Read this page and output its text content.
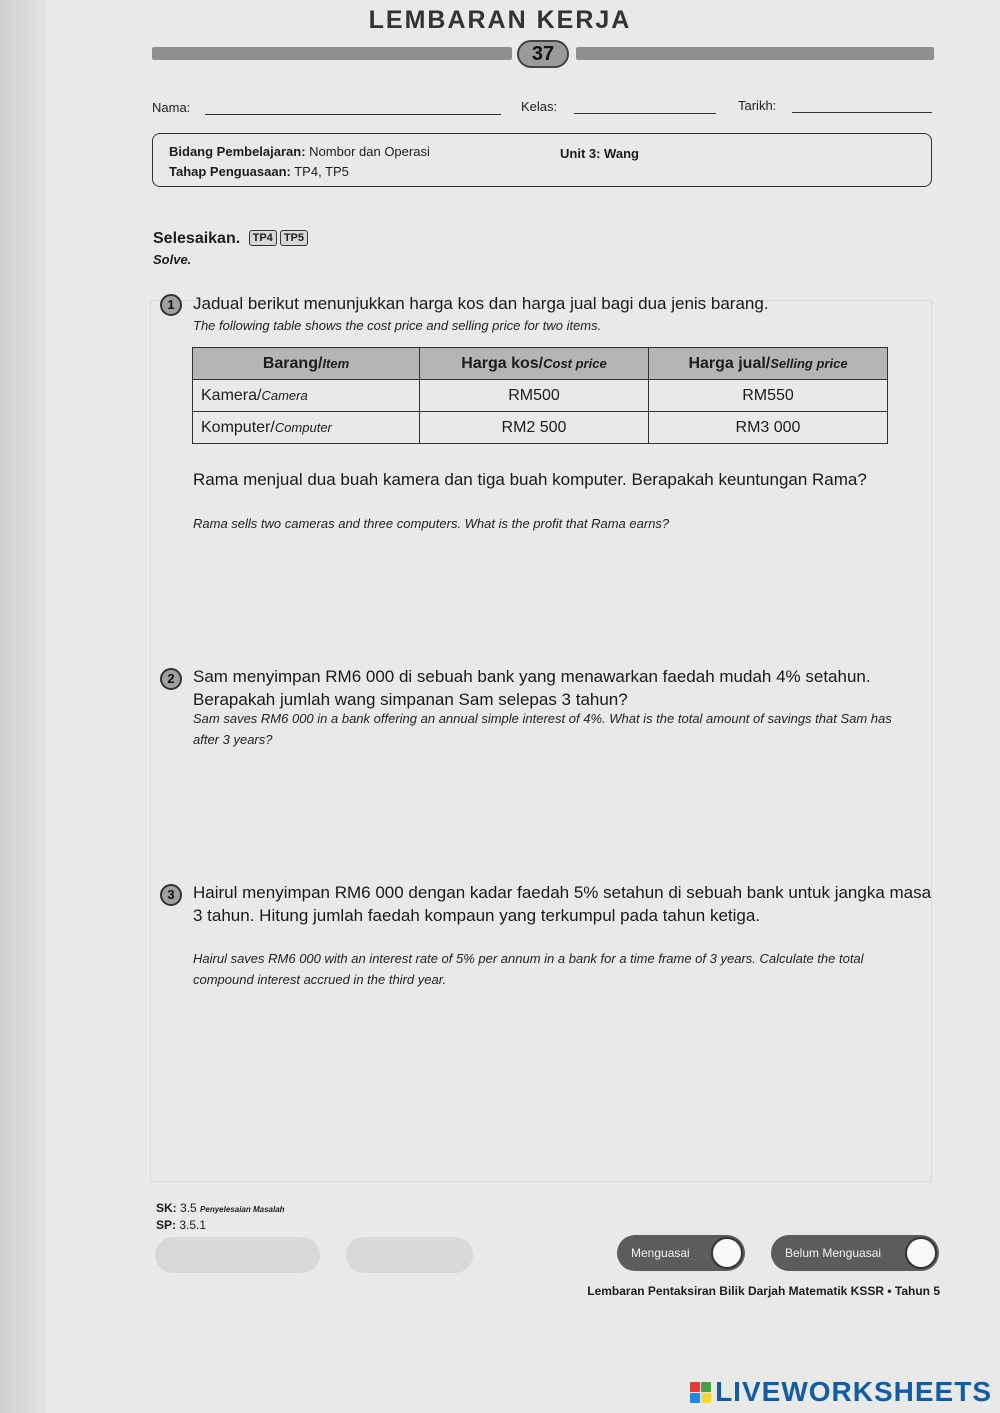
LEMBARAN KERJA
37
Nama:	Kelas:	Tarikh:
Bidang Pembelajaran: Nombor dan Operasi	Unit 3: Wang
Tahap Penguasaan: TP4, TP5
Selesaikan. TP4 TP5
Solve.
1	Jadual berikut menunjukkan harga kos dan harga jual bagi dua jenis barang.
The following table shows the cost price and selling price for two items.
Barang/Item	Harga kos/Cost price	Harga jual/Selling price
Kamera/Camera	RM500	RM550
Komputer/Computer	RM2 500	RM3 000
Rama menjual dua buah kamera dan tiga buah komputer. Berapakah keuntungan Rama?
Rama sells two cameras and three computers. What is the profit that Rama earns?
2	Sam menyimpan RM6 000 di sebuah bank yang menawarkan faedah mudah 4% setahun. Berapakah jumlah wang simpanan Sam selepas 3 tahun?
Sam saves RM6 000 in a bank offering an annual simple interest of 4%. What is the total amount of savings that Sam has after 3 years?
3	Hairul menyimpan RM6 000 dengan kadar faedah 5% setahun di sebuah bank untuk jangka masa 3 tahun. Hitung jumlah faedah kompaun yang terkumpul pada tahun ketiga.
Hairul saves RM6 000 with an interest rate of 5% per annum in a bank for a time frame of 3 years. Calculate the total compound interest accrued in the third year.
SK: 3.5 Penyelesaian Masalah
SP: 3.5.1
Menguasai	Belum Menguasai
Lembaran Pentaksiran Bilik Darjah Matematik KSSR • Tahun 5
LIVEWORKSHEETS
